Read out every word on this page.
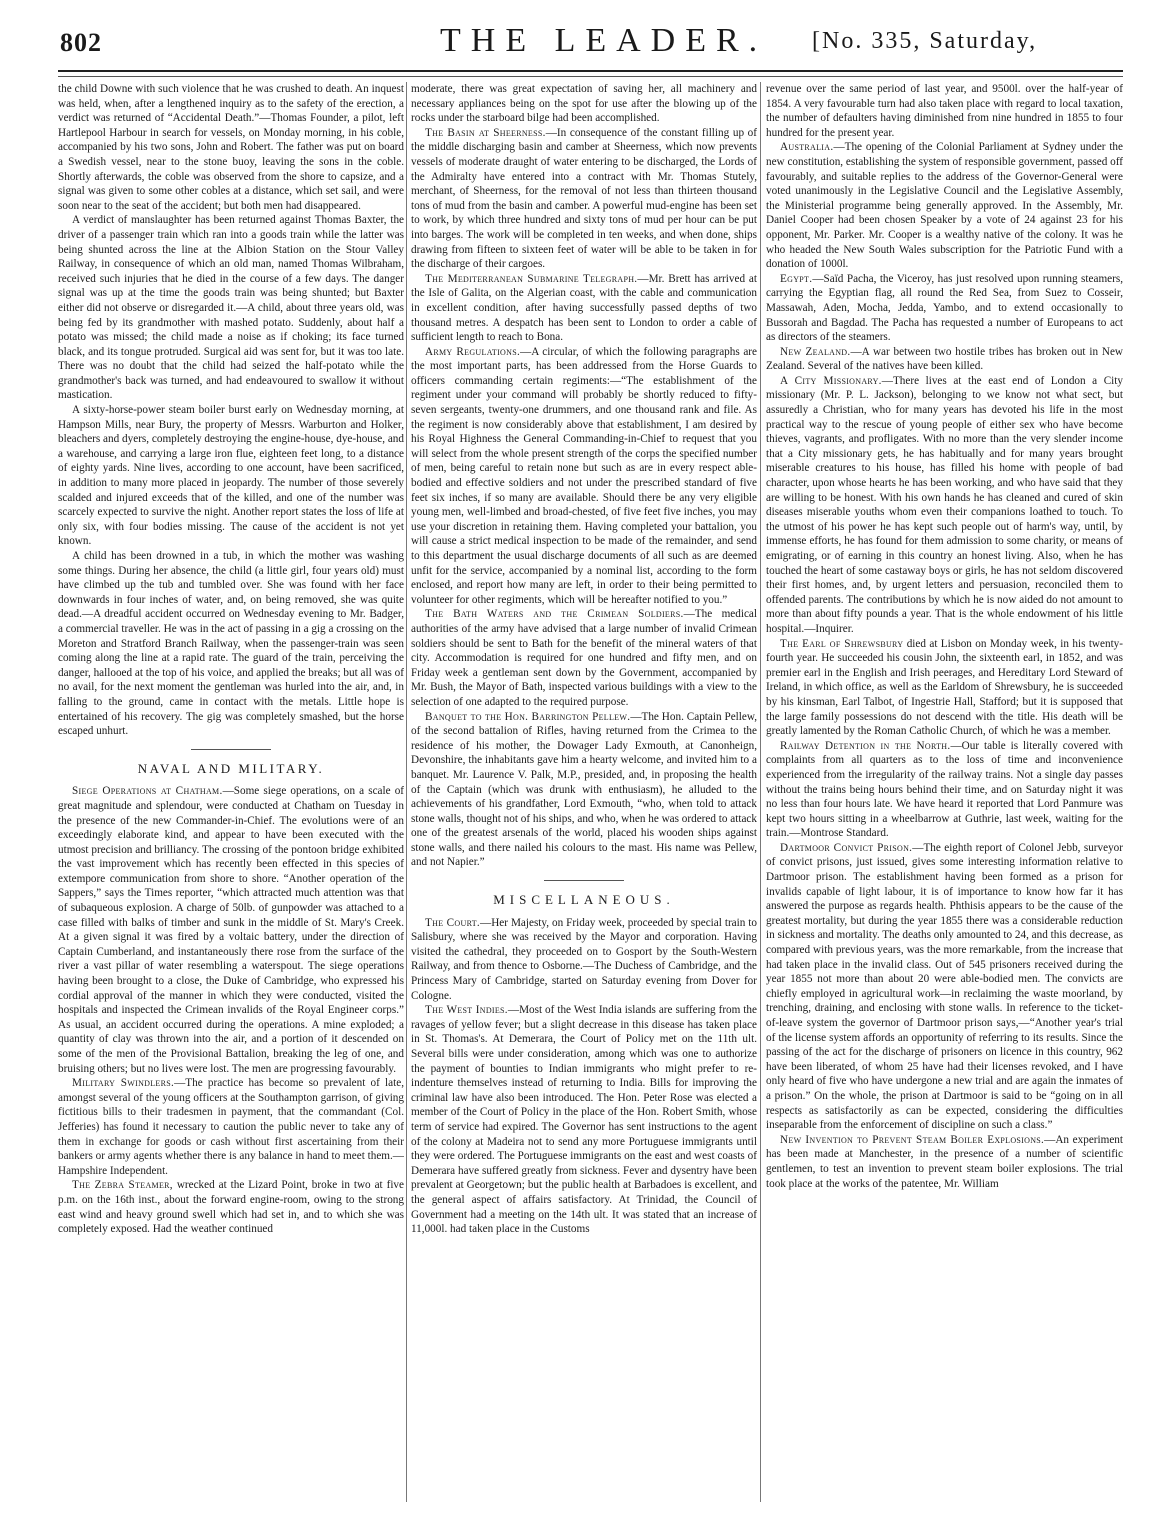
802	THE LEADER. [No. 335, Saturday,

the child Downe with such violence that he was crushed to death. An inquest was held, when, after a lengthened inquiry as to the safety of the erection, a verdict was returned of “Accidental Death.”—Thomas Founder, a pilot, left Hartlepool Harbour in search for vessels, on Monday morning, in his coble, accompanied by his two sons, John and Robert. The father was put on board a Swedish vessel, near to the stone buoy, leaving the sons in the coble. Shortly afterwards, the coble was observed from the shore to capsize, and a signal was given to some other cobles at a distance, which set sail, and were soon near to the seat of the accident; but both men had disappeared.

A verdict of manslaughter has been returned against Thomas Baxter, the driver of a passenger train which ran into a goods train while the latter was being shunted across the line at the Albion Station on the Stour Valley Railway, in consequence of which an old man, named Thomas Wilbraham, received such injuries that he died in the course of a few days. The danger signal was up at the time the goods train was being shunted; but Baxter either did not observe or disregarded it.—A child, about three years old, was being fed by its grandmother with mashed potato. Suddenly, about half a potato was missed; the child made a noise as if choking; its face turned black, and its tongue protruded. Surgical aid was sent for, but it was too late. There was no doubt that the child had seized the half-potato while the grandmother's back was turned, and had endeavoured to swallow it without mastication.

A sixty-horse-power steam boiler burst early on Wednesday morning, at Hampson Mills, near Bury, the property of Messrs. Warburton and Holker, bleachers and dyers, completely destroying the engine-house, dye-house, and a warehouse, and carrying a large iron flue, eighteen feet long, to a distance of eighty yards. Nine lives, according to one account, have been sacrificed, in addition to many more placed in jeopardy. The number of those severely scalded and injured exceeds that of the killed, and one of the number was scarcely expected to survive the night. Another report states the loss of life at only six, with four bodies missing. The cause of the accident is not yet known.

A child has been drowned in a tub, in which the mother was washing some things. During her absence, the child (a little girl, four years old) must have climbed up the tub and tumbled over. She was found with her face downwards in four inches of water, and, on being removed, she was quite dead.—A dreadful accident occurred on Wednesday evening to Mr. Badger, a commercial traveller. He was in the act of passing in a gig a crossing on the Moreton and Stratford Branch Railway, when the passenger-train was seen coming along the line at a rapid rate. The guard of the train, perceiving the danger, hallooed at the top of his voice, and applied the breaks; but all was of no avail, for the next moment the gentleman was hurled into the air, and, in falling to the ground, came in contact with the metals. Little hope is entertained of his recovery. The gig was completely smashed, but the horse escaped unhurt.

NAVAL AND MILITARY.

Siege Operations at Chatham.—Some siege operations, on a scale of great magnitude and splendour, were conducted at Chatham on Tuesday in the presence of the new Commander-in-Chief. The evolutions were of an exceedingly elaborate kind, and appear to have been executed with the utmost precision and brilliancy. The crossing of the pontoon bridge exhibited the vast improvement which has recently been effected in this species of extempore communication from shore to shore. “Another operation of the Sappers,” says the Times reporter, “which attracted much attention was that of subaqueous explosion. A charge of 50lb. of gunpowder was attached to a case filled with balks of timber and sunk in the middle of St. Mary's Creek. At a given signal it was fired by a voltaic battery, under the direction of Captain Cumberland, and instantaneously there rose from the surface of the river a vast pillar of water resembling a waterspout. The siege operations having been brought to a close, the Duke of Cambridge, who expressed his cordial approval of the manner in which they were conducted, visited the hospitals and inspected the Crimean invalids of the Royal Engineer corps.” As usual, an accident occurred during the operations. A mine exploded; a quantity of clay was thrown into the air, and a portion of it descended on some of the men of the Provisional Battalion, breaking the leg of one, and bruising others; but no lives were lost. The men are progressing favourably.

Military Swindlers.—The practice has become so prevalent of late, amongst several of the young officers at the Southampton garrison, of giving fictitious bills to their tradesmen in payment, that the commandant (Col. Jefferies) has found it necessary to caution the public never to take any of them in exchange for goods or cash without first ascertaining from their bankers or army agents whether there is any balance in hand to meet them.—Hampshire Independent.

The Zebra Steamer, wrecked at the Lizard Point, broke in two at five p.m. on the 16th inst., about the forward engine-room, owing to the strong east wind and heavy ground swell which had set in, and to which she was completely exposed. Had the weather continued

moderate, there was great expectation of saving her, all machinery and necessary appliances being on the spot for use after the blowing up of the rocks under the starboard bilge had been accomplished.

The Basin at Sheerness.—In consequence of the constant filling up of the middle discharging basin and camber at Sheerness, which now prevents vessels of moderate draught of water entering to be discharged, the Lords of the Admiralty have entered into a contract with Mr. Thomas Stutely, merchant, of Sheerness, for the removal of not less than thirteen thousand tons of mud from the basin and camber. A powerful mud-engine has been set to work, by which three hundred and sixty tons of mud per hour can be put into barges. The work will be completed in ten weeks, and when done, ships drawing from fifteen to sixteen feet of water will be able to be taken in for the discharge of their cargoes.

The Mediterranean Submarine Telegraph.—Mr. Brett has arrived at the Isle of Galita, on the Algerian coast, with the cable and communication in excellent condition, after having successfully passed depths of two thousand metres. A despatch has been sent to London to order a cable of sufficient length to reach to Bona.

Army Regulations.—A circular, of which the following paragraphs are the most important parts, has been addressed from the Horse Guards to officers commanding certain regiments:—“The establishment of the regiment under your command will probably be shortly reduced to fifty-seven sergeants, twenty-one drummers, and one thousand rank and file. As the regiment is now considerably above that establishment, I am desired by his Royal Highness the General Commanding-in-Chief to request that you will select from the whole present strength of the corps the specified number of men, being careful to retain none but such as are in every respect able-bodied and effective soldiers and not under the prescribed standard of five feet six inches, if so many are available. Should there be any very eligible young men, well-limbed and broad-chested, of five feet five inches, you may use your discretion in retaining them. Having completed your battalion, you will cause a strict medical inspection to be made of the remainder, and send to this department the usual discharge documents of all such as are deemed unfit for the service, accompanied by a nominal list, according to the form enclosed, and report how many are left, in order to their being permitted to volunteer for other regiments, which will be hereafter notified to you.”

The Bath Waters and the Crimean Soldiers.—The medical authorities of the army have advised that a large number of invalid Crimean soldiers should be sent to Bath for the benefit of the mineral waters of that city. Accommodation is required for one hundred and fifty men, and on Friday week a gentleman sent down by the Government, accompanied by Mr. Bush, the Mayor of Bath, inspected various buildings with a view to the selection of one adapted to the required purpose.

Banquet to the Hon. Barrington Pellew.—The Hon. Captain Pellew, of the second battalion of Rifles, having returned from the Crimea to the residence of his mother, the Dowager Lady Exmouth, at Canonheign, Devonshire, the inhabitants gave him a hearty welcome, and invited him to a banquet. Mr. Laurence V. Palk, M.P., presided, and, in proposing the health of the Captain (which was drunk with enthusiasm), he alluded to the achievements of his grandfather, Lord Exmouth, “who, when told to attack stone walls, thought not of his ships, and who, when he was ordered to attack one of the greatest arsenals of the world, placed his wooden ships against stone walls, and there nailed his colours to the mast. His name was Pellew, and not Napier.”

MISCELLANEOUS.

The Court.—Her Majesty, on Friday week, proceeded by special train to Salisbury, where she was received by the Mayor and corporation. Having visited the cathedral, they proceeded on to Gosport by the South-Western Railway, and from thence to Osborne.—The Duchess of Cambridge, and the Princess Mary of Cambridge, started on Saturday evening from Dover for Cologne.

The West Indies.—Most of the West India islands are suffering from the ravages of yellow fever; but a slight decrease in this disease has taken place in St. Thomas's. At Demerara, the Court of Policy met on the 11th ult. Several bills were under consideration, among which was one to authorize the payment of bounties to Indian immigrants who might prefer to re-indenture themselves instead of returning to India. Bills for improving the criminal law have also been introduced. The Hon. Peter Rose was elected a member of the Court of Policy in the place of the Hon. Robert Smith, whose term of service had expired. The Governor has sent instructions to the agent of the colony at Madeira not to send any more Portuguese immigrants until they were ordered. The Portuguese immigrants on the east and west coasts of Demerara have suffered greatly from sickness. Fever and dysentry have been prevalent at Georgetown; but the public health at Barbadoes is excellent, and the general aspect of affairs satisfactory. At Trinidad, the Council of Government had a meeting on the 14th ult. It was stated that an increase of 11,000l. had taken place in the Customs

revenue over the same period of last year, and 9500l. over the half-year of 1854. A very favourable turn had also taken place with regard to local taxation, the number of defaulters having diminished from nine hundred in 1855 to four hundred for the present year.

Australia.—The opening of the Colonial Parliament at Sydney under the new constitution, establishing the system of responsible government, passed off favourably, and suitable replies to the address of the Governor-General were voted unanimously in the Legislative Council and the Legislative Assembly, the Ministerial programme being generally approved. In the Assembly, Mr. Daniel Cooper had been chosen Speaker by a vote of 24 against 23 for his opponent, Mr. Parker. Mr. Cooper is a wealthy native of the colony. It was he who headed the New South Wales subscription for the Patriotic Fund with a donation of 1000l.

Egypt.—Saïd Pacha, the Viceroy, has just resolved upon running steamers, carrying the Egyptian flag, all round the Red Sea, from Suez to Cosseir, Massawah, Aden, Mocha, Jedda, Yambo, and to extend occasionally to Bussorah and Bagdad. The Pacha has requested a number of Europeans to act as directors of the steamers.

New Zealand.—A war between two hostile tribes has broken out in New Zealand. Several of the natives have been killed.

A City Missionary.—There lives at the east end of London a City missionary (Mr. P. L. Jackson), belonging to we know not what sect, but assuredly a Christian, who for many years has devoted his life in the most practical way to the rescue of young people of either sex who have become thieves, vagrants, and profligates. With no more than the very slender income that a City missionary gets, he has habitually and for many years brought miserable creatures to his house, has filled his home with people of bad character, upon whose hearts he has been working, and who have said that they are willing to be honest. With his own hands he has cleaned and cured of skin diseases miserable youths whom even their companions loathed to touch. To the utmost of his power he has kept such people out of harm's way, until, by immense efforts, he has found for them admission to some charity, or means of emigrating, or of earning in this country an honest living. Also, when he has touched the heart of some castaway boys or girls, he has not seldom discovered their first homes, and, by urgent letters and persuasion, reconciled them to offended parents. The contributions by which he is now aided do not amount to more than about fifty pounds a year. That is the whole endowment of his little hospital.—Inquirer.

The Earl of Shrewsbury died at Lisbon on Monday week, in his twenty-fourth year. He succeeded his cousin John, the sixteenth earl, in 1852, and was premier earl in the English and Irish peerages, and Hereditary Lord Steward of Ireland, in which office, as well as the Earldom of Shrewsbury, he is succeeded by his kinsman, Earl Talbot, of Ingestrie Hall, Stafford; but it is supposed that the large family possessions do not descend with the title. His death will be greatly lamented by the Roman Catholic Church, of which he was a member.

Railway Detention in the North.—Our table is literally covered with complaints from all quarters as to the loss of time and inconvenience experienced from the irregularity of the railway trains. Not a single day passes without the trains being hours behind their time, and on Saturday night it was no less than four hours late. We have heard it reported that Lord Panmure was kept two hours sitting in a wheelbarrow at Guthrie, last week, waiting for the train.—Montrose Standard.

Dartmoor Convict Prison.—The eighth report of Colonel Jebb, surveyor of convict prisons, just issued, gives some interesting information relative to Dartmoor prison. The establishment having been formed as a prison for invalids capable of light labour, it is of importance to know how far it has answered the purpose as regards health. Phthisis appears to be the cause of the greatest mortality, but during the year 1855 there was a considerable reduction in sickness and mortality. The deaths only amounted to 24, and this decrease, as compared with previous years, was the more remarkable, from the increase that had taken place in the invalid class. Out of 545 prisoners received during the year 1855 not more than about 20 were able-bodied men. The convicts are chiefly employed in agricultural work—in reclaiming the waste moorland, by trenching, draining, and enclosing with stone walls. In reference to the ticket-of-leave system the governor of Dartmoor prison says,—“Another year's trial of the license system affords an opportunity of referring to its results. Since the passing of the act for the discharge of prisoners on licence in this country, 962 have been liberated, of whom 25 have had their licenses revoked, and I have only heard of five who have undergone a new trial and are again the inmates of a prison.” On the whole, the prison at Dartmoor is said to be “going on in all respects as satisfactorily as can be expected, considering the difficulties inseparable from the enforcement of discipline on such a class.”

New Invention to Prevent Steam Boiler Explosions.—An experiment has been made at Manchester, in the presence of a number of scientific gentlemen, to test an invention to prevent steam boiler explosions. The trial took place at the works of the patentee, Mr. William
